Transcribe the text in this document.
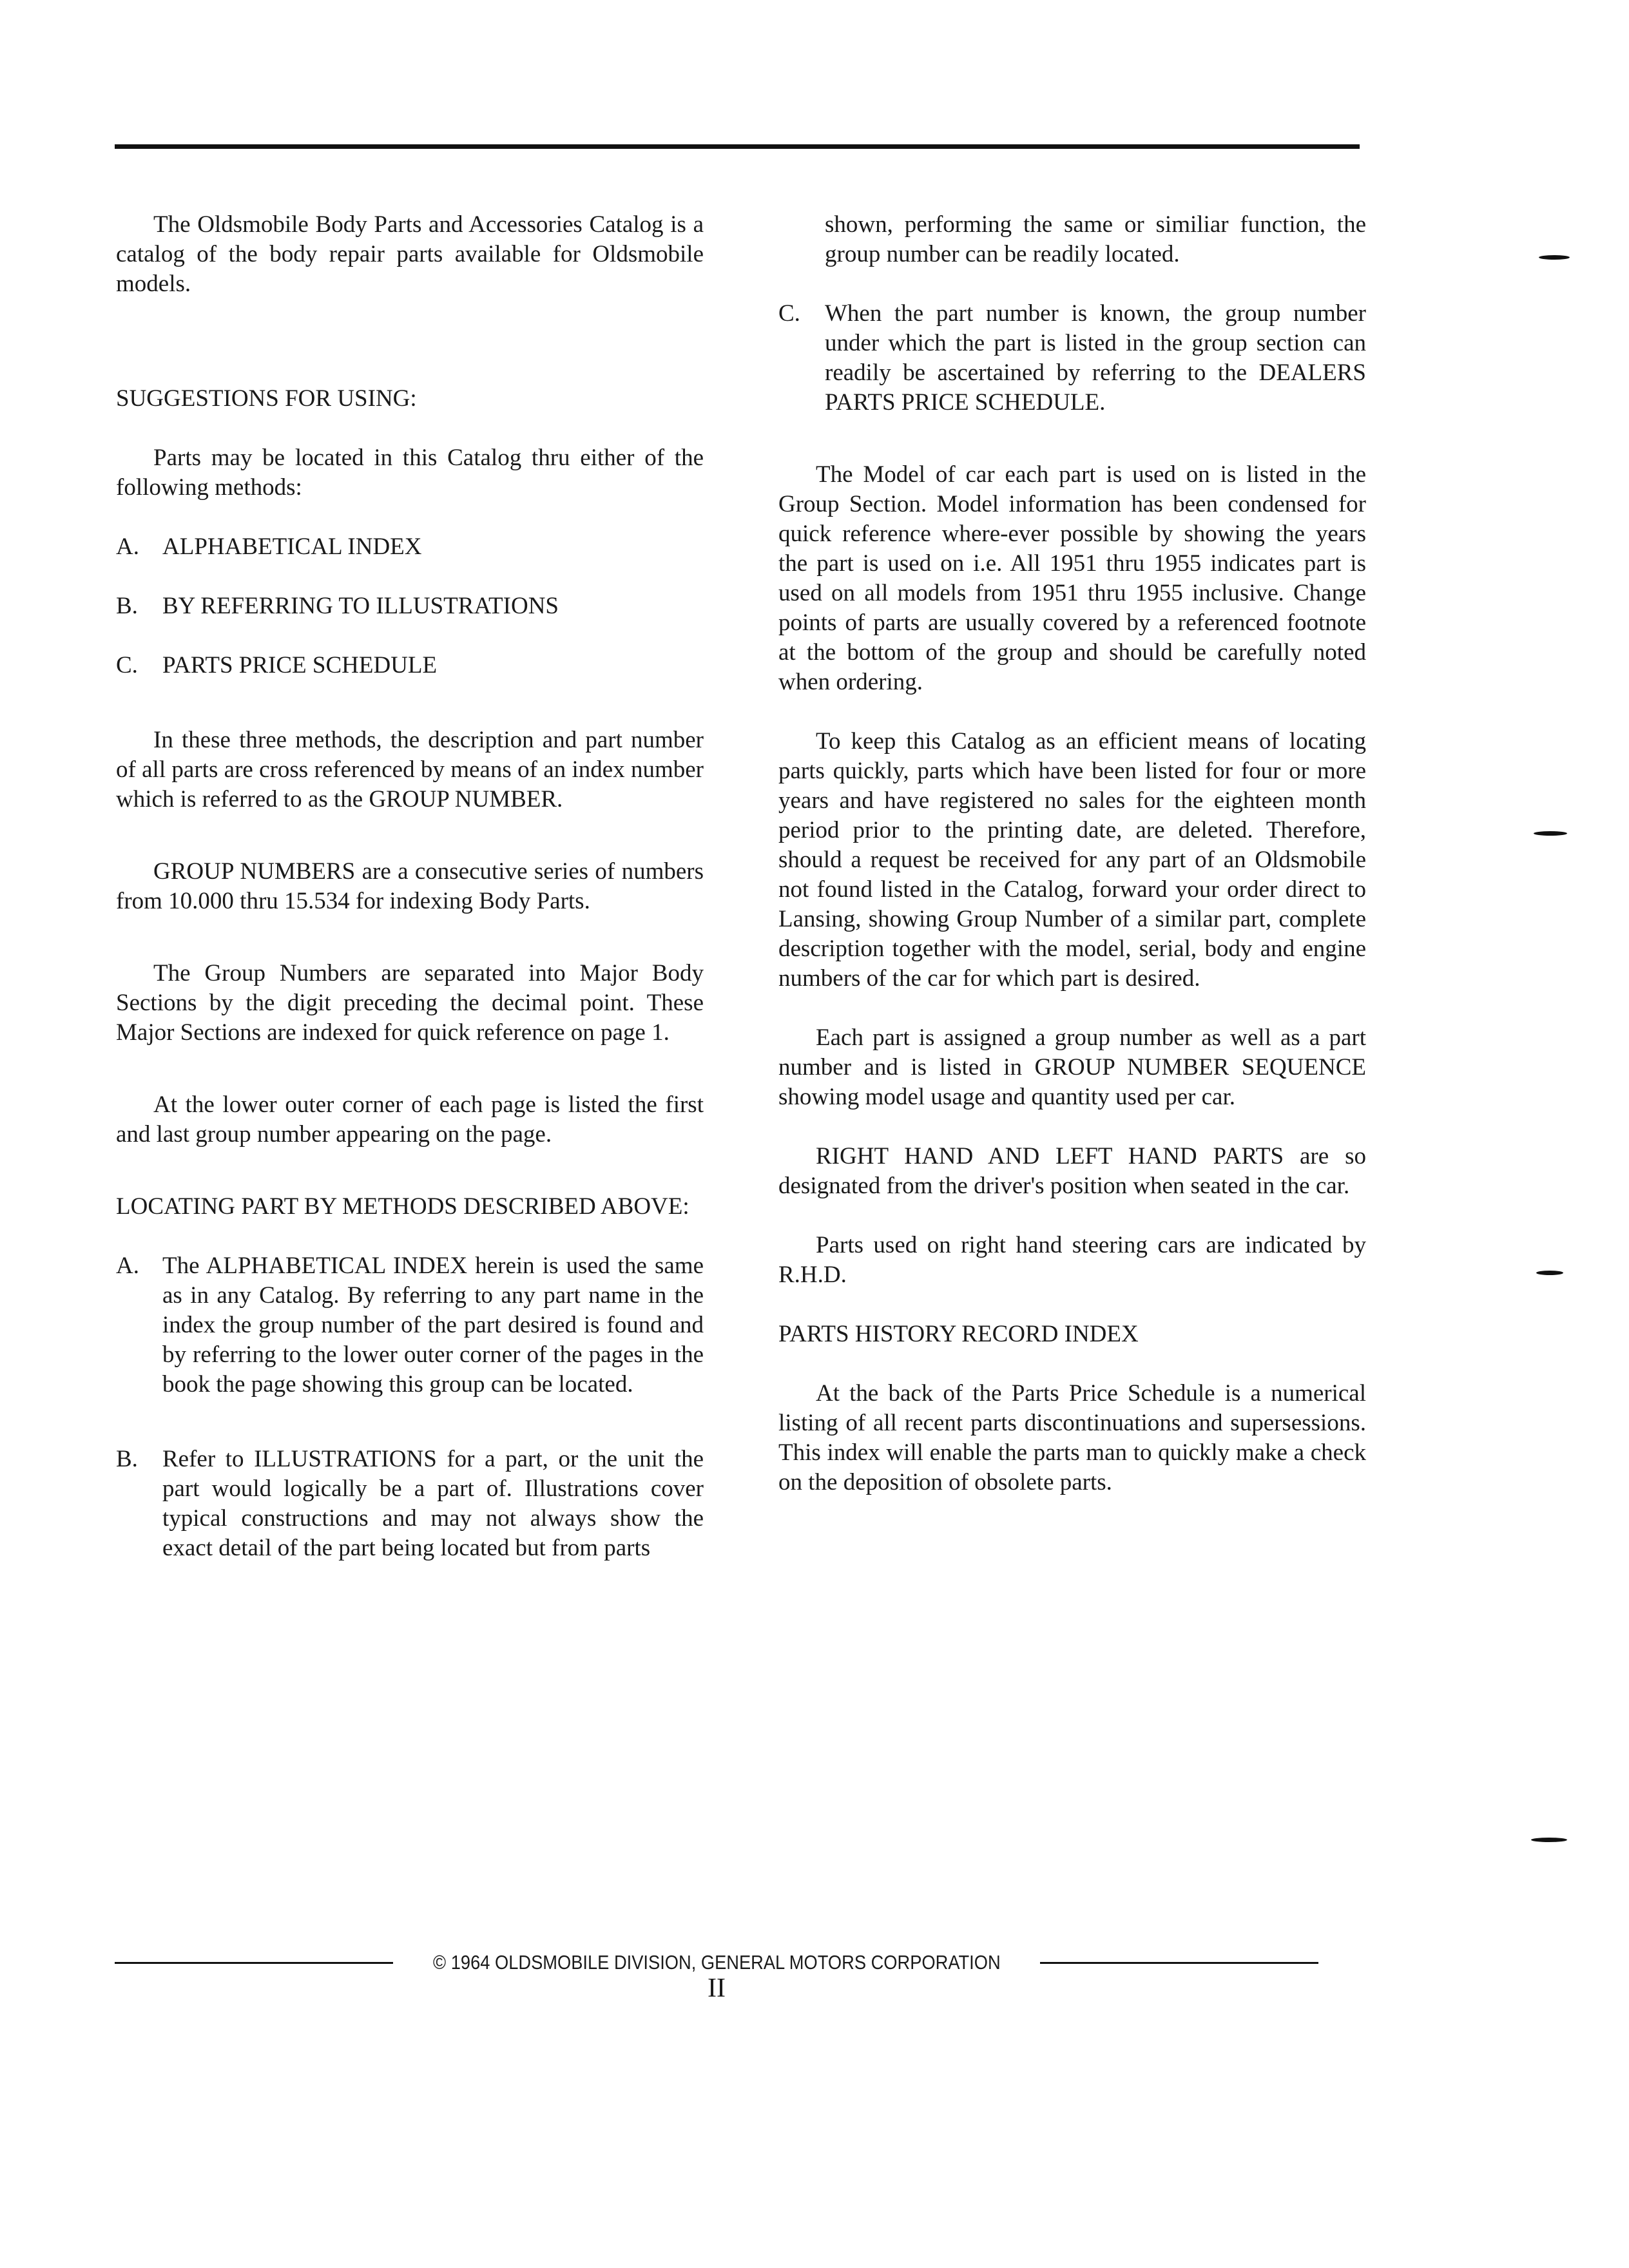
The Oldsmobile Body Parts and Accessories Catalog is a catalog of the body repair parts available for Oldsmobile models.

SUGGESTIONS FOR USING:

Parts may be located in this Catalog thru either of the following methods:

A. ALPHABETICAL INDEX
B.	BY REFERRING TO ILLUSTRATIONS
C.	PARTS PRICE SCHEDULE

In these three methods, the description and part number of all parts are cross referenced by means of an index number which is referred to as the GROUP NUMBER.

GROUP NUMBERS are a consecutive series of numbers from 10.000 thru 15.534 for indexing Body Parts.

The Group Numbers are separated into Major Body Sections by the digit preceding the decimal point. These Major Sections are indexed for quick reference on page 1.

At the lower outer corner of each page is listed the first and last group number appearing on the page.

LOCATING PART BY METHODS DESCRIBED ABOVE:

A. The ALPHABETICAL INDEX herein is used the same as in any Catalog. By referring to any part name in the index the group number of the part desired is found and by referring to the lower outer corner of the pages in the book the page showing this group can be located.
B.	Refer to ILLUSTRATIONS for a part, or the unit the part would logically be a part of. Illustrations cover typical constructions and may not always show the exact detail of the part being located but from parts

shown, performing the same or similiar function, the group number can be readily located.

C.	When the part number is known, the group number under which the part is listed in the group section can readily be ascertained by referring to the DEALERS PARTS PRICE SCHEDULE.

The Model of car each part is used on is listed in the Group Section. Model information has been condensed for quick reference where-ever possible by showing the years the part is used on i.e. All 1951 thru 1955 indicates part is used on all models from 1951 thru 1955 inclusive. Change points of parts are usually covered by a referenced footnote at the bottom of the group and should be carefully noted when ordering.

To keep this Catalog as an efficient means of locating parts quickly, parts which have been listed for four or more years and have registered no sales for the eighteen month period prior to the printing date, are deleted. Therefore, should a request be received for any part of an Oldsmobile not found listed in the Catalog, forward your order direct to Lansing, showing Group Number of a similar part, complete description together with the model, serial, body and engine numbers of the car for which part is desired.

Each part is assigned a group number as well as a part number and is listed in GROUP NUMBER SEQUENCE showing model usage and quantity used per car.

RIGHT HAND AND LEFT HAND PARTS are so designated from the driver's position when seated in the car.

Parts used on right hand steering cars are indicated by R.H.D.

PARTS HISTORY RECORD INDEX

At the back of the Parts Price Schedule is a numerical listing of all recent parts discontinuations and supersessions. This index will enable the parts man to quickly make a check on the deposition of obsolete parts.

© 1964 OLDSMOBILE DIVISION, GENERAL MOTORS CORPORATION
II
